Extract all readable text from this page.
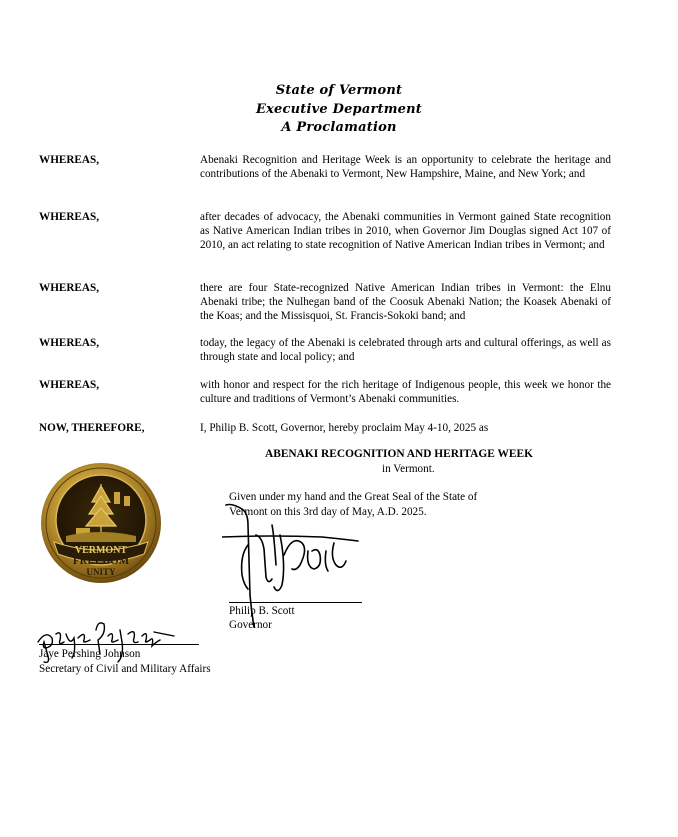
State of Vermont
Executive Department
A Proclamation
WHEREAS,	Abenaki Recognition and Heritage Week is an opportunity to celebrate the heritage and contributions of the Abenaki to Vermont, New Hampshire, Maine, and New York; and
WHEREAS,	after decades of advocacy, the Abenaki communities in Vermont gained State recognition as Native American Indian tribes in 2010, when Governor Jim Douglas signed Act 107 of 2010, an act relating to state recognition of Native American Indian tribes in Vermont; and
WHEREAS,	there are four State-recognized Native American Indian tribes in Vermont: the Elnu Abenaki tribe; the Nulhegan band of the Coosuk Abenaki Nation; the Koasek Abenaki of the Koas; and the Missisquoi, St. Francis-Sokoki band; and
WHEREAS,	today, the legacy of the Abenaki is celebrated through arts and cultural offerings, as well as through state and local policy; and
WHEREAS,	with honor and respect for the rich heritage of Indigenous people, this week we honor the culture and traditions of Vermont’s Abenaki communities.
NOW, THEREFORE,	I, Philip B. Scott, Governor, hereby proclaim May 4-10, 2025 as
ABENAKI RECOGNITION AND HERITAGE WEEK
in Vermont.
VERMONT
FREEDOM
UNITY
Given under my hand and the Great Seal of the State of
Vermont on this 3rd day of May, A.D. 2025.
Philip B. Scott
Governor
Jaye Pershing Johnson
Secretary of Civil and Military Affairs
